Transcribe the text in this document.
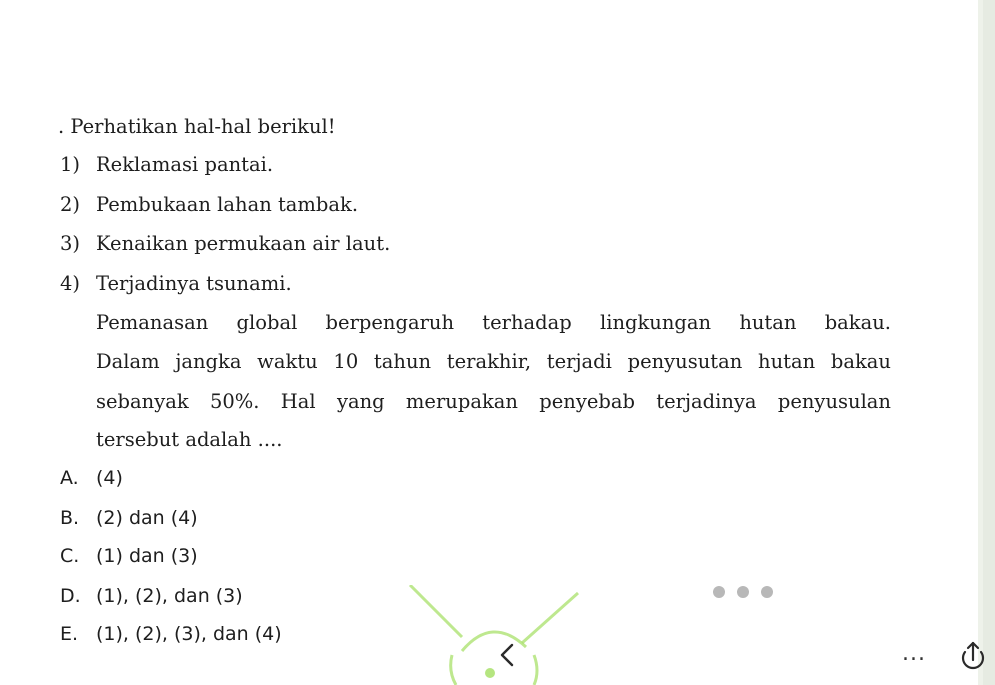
. Perhatikan hal-hal berikul!
1) Reklamasi pantai.
2) Pembukaan lahan tambak.
3) Kenaikan permukaan air laut.
4) Terjadinya tsunami.
Pemanasan global berpengaruh terhadap lingkungan hutan bakau.
Dalam jangka waktu 10 tahun terakhir, terjadi penyusutan hutan bakau
sebanyak 50%. Hal yang merupakan penyebab terjadinya penyusulan
tersebut adalah ....
A. (4)
B. (2) dan (4)
C. (1) dan (3)
D. (1), (2), dan (3)
E. (1), (2), (3), dan (4)
...
